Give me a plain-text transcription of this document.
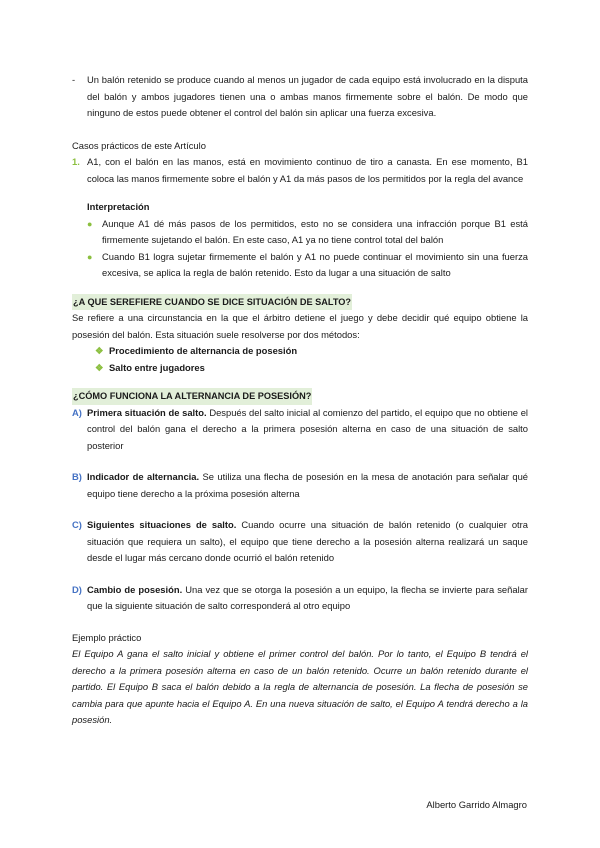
- Un balón retenido se produce cuando al menos un jugador de cada equipo está involucrado en la disputa del balón y ambos jugadores tienen una o ambas manos firmemente sobre el balón. De modo que ninguno de estos puede obtener el control del balón sin aplicar una fuerza excesiva.

Casos prácticos de este Artículo

1. A1, con el balón en las manos, está en movimiento continuo de tiro a canasta. En ese momento, B1 coloca las manos firmemente sobre el balón y A1 da más pasos de los permitidos por la regla del avance

Interpretación

● Aunque A1 dé más pasos de los permitidos, esto no se considera una infracción porque B1 está firmemente sujetando el balón. En este caso, A1 ya no tiene control total del balón

● Cuando B1 logra sujetar firmemente el balón y A1 no puede continuar el movimiento sin una fuerza excesiva, se aplica la regla de balón retenido. Esto da lugar a una situación de salto

¿A QUE SEREFIERE CUANDO SE DICE SITUACIÓN DE SALTO?

Se refiere a una circunstancia en la que el árbitro detiene el juego y debe decidir qué equipo obtiene la posesión del balón. Esta situación suele resolverse por dos métodos:

❖ Procedimiento de alternancia de posesión

❖ Salto entre jugadores

¿CÓMO FUNCIONA LA ALTERNANCIA DE POSESIÓN?

A) Primera situación de salto. Después del salto inicial al comienzo del partido, el equipo que no obtiene el control del balón gana el derecho a la primera posesión alterna en caso de una situación de salto posterior

B) Indicador de alternancia. Se utiliza una flecha de posesión en la mesa de anotación para señalar qué equipo tiene derecho a la próxima posesión alterna

C) Siguientes situaciones de salto. Cuando ocurre una situación de balón retenido (o cualquier otra situación que requiera un salto), el equipo que tiene derecho a la posesión alterna realizará un saque desde el lugar más cercano donde ocurrió el balón retenido

D) Cambio de posesión. Una vez que se otorga la posesión a un equipo, la flecha se invierte para señalar que la siguiente situación de salto corresponderá al otro equipo

Ejemplo práctico

El Equipo A gana el salto inicial y obtiene el primer control del balón. Por lo tanto, el Equipo B tendrá el derecho a la primera posesión alterna en caso de un balón retenido. Ocurre un balón retenido durante el partido. El Equipo B saca el balón debido a la regla de alternancia de posesión. La flecha de posesión se cambia para que apunte hacia el Equipo A. En una nueva situación de salto, el Equipo A tendrá derecho a la posesión.

Alberto Garrido Almagro
